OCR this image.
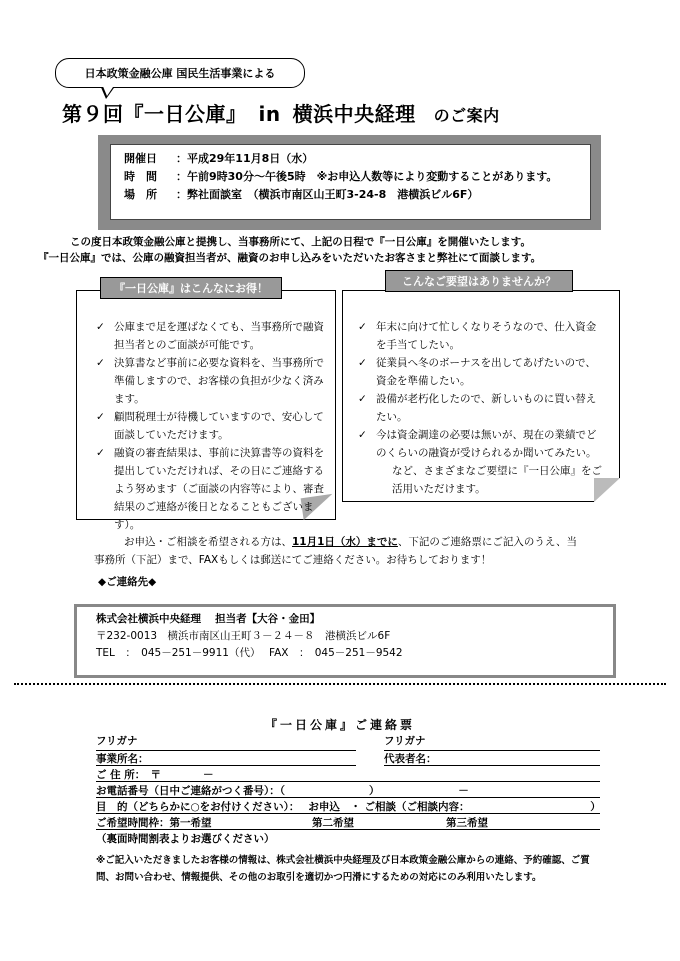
日本政策金融公庫 国民生活事業による
第９回『一日公庫』 in 横浜中央経理 のご案内
開催日 ：平成29年11月8日（水）
時　間 ：午前9時30分～午後5時　※お申込人数等により変動することがあります。
場　所 ：弊社面談室　（横浜市南区山王町3-24-8　港横浜ビル6F）
この度日本政策金融公庫と提携し、当事務所にて、上記の日程で『一日公庫』を開催いたします。
『一日公庫』では、公庫の融資担当者が、融資のお申し込みをいただいたお客さまと弊社にて面談します。
『一日公庫』はこんなにお得！
✓ 公庫まで足を運ばなくても、当事務所で融資担当者とのご面談が可能です。
✓ 決算書など事前に必要な資料を、当事務所で準備しますので、お客様の負担が少なく済みます。
✓ 顧問税理士が待機していますので、安心して面談していただけます。
✓ 融資の審査結果は、事前に決算書等の資料を提出していただければ、その日にご連絡するよう努めます（ご面談の内容等により、審査結果のご連絡が後日となることもございます）。
こんなご要望はありませんか？
✓ 年末に向けて忙しくなりそうなので、仕入資金を手当てしたい。
✓ 従業員へ冬のボーナスを出してあげたいので、資金を準備したい。
✓ 設備が老朽化したので、新しいものに買い替えたい。
✓ 今は資金調達の必要は無いが、現在の業績でどのくらいの融資が受けられるか聞いてみたい。
など、さまざまなご要望に『一日公庫』をご活用いただけます。
お申込・ご相談を希望される方は、11月1日（水）までに、下記のご連絡票にご記入のうえ、当
事務所（下記）まで、FAXもしくは郵送にてご連絡ください。お待ちしております！
◆ご連絡先◆
株式会社横浜中央経理　 担当者【大谷・金田】
〒232-0013　横浜市南区山王町３－２４－８　港横浜ビル6F
TEL　：　045－251－9911（代）　 FAX　：　045－251－9542
『一日公庫』ご連絡票
フリガナ	フリガナ
事業所名：	代表者名：
ご 住 所：　〒　　　　－
お電話番号（日中ご連絡がつく番号）：（　　　　　　　　）　　　　　　　　－
目　的（どちらかに○をお付けください）：　 お申込　・ ご相談（ご相談内容：　　　　　　　　　　　　）
ご希望時間枠：第一希望	第二希望	第三希望
（裏面時間割表よりお選びください）
※ご記入いただきましたお客様の情報は、株式会社横浜中央経理及び日本政策金融公庫からの連絡、予約確認、ご質問、お問い合わせ、情報提供、その他のお取引を適切かつ円滑にするための対応にのみ利用いたします。
